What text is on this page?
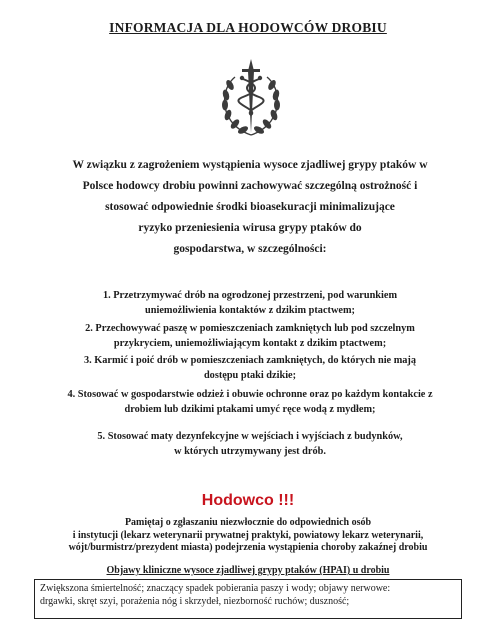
INFORMACJA DLA HODOWCÓW DROBIU
W związku z zagrożeniem wystąpienia wysoce zjadliwej grypy ptaków w
Polsce hodowcy drobiu powinni zachowywać szczególną ostrożność i
stosować odpowiednie środki bioasekuracji minimalizujące
ryzyko przeniesienia wirusa grypy ptaków do
gospodarstwa, w szczególności:
1. Przetrzymywać drób na ogrodzonej przestrzeni, pod warunkiem
uniemożliwienia kontaktów z dzikim ptactwem;
2. Przechowywać paszę w pomieszczeniach zamkniętych lub pod szczelnym
przykryciem, uniemożliwiającym kontakt z dzikim ptactwem;
3. Karmić i poić drób w pomieszczeniach zamkniętych, do których nie mają
dostępu ptaki dzikie;
4. Stosować w gospodarstwie odzież i obuwie ochronne oraz po każdym kontakcie z
drobiem lub dzikimi ptakami umyć ręce wodą z mydłem;
5. Stosować maty dezynfekcyjne w wejściach i wyjściach z budynków,
w których utrzymywany jest drób.
Hodowco !!!
Pamiętaj o zgłaszaniu niezwłocznie do odpowiednich osób
i instytucji (lekarz weterynarii prywatnej praktyki, powiatowy lekarz weterynarii,
wójt/burmistrz/prezydent miasta) podejrzenia wystąpienia choroby zakaźnej drobiu
Objawy kliniczne wysoce zjadliwej grypy ptaków (HPAI) u drobiu
Zwiększona śmiertelność; znaczący spadek pobierania paszy i wody; objawy nerwowe:
drgawki, skręt szyi, porażenia nóg i skrzydeł, niezborność ruchów; duszność;
